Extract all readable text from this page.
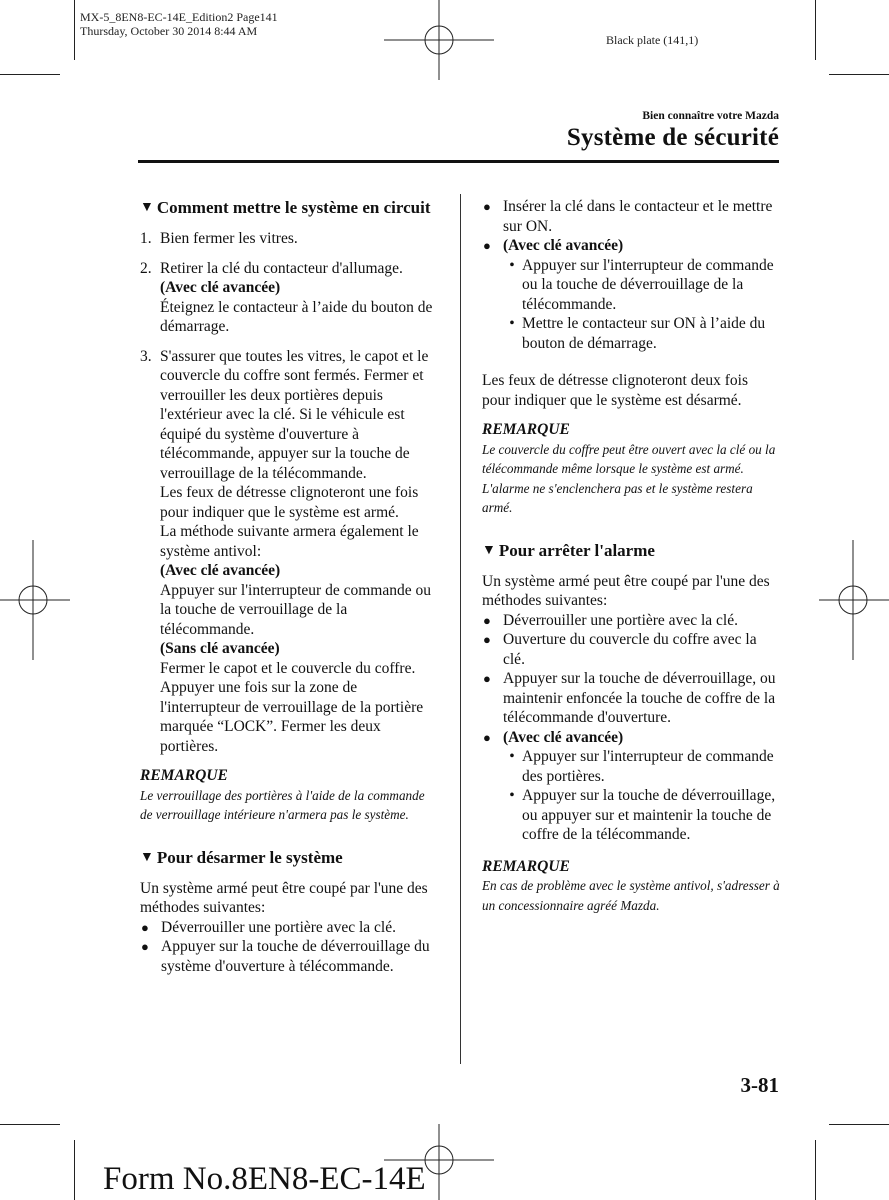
MX-5_8EN8-EC-14E_Edition2 Page141
Thursday, October 30 2014 8:44 AM
Black plate (141,1)
Bien connaître votre Mazda
Système de sécurité
▼ Comment mettre le système en circuit
1. Bien fermer les vitres.
2. Retirer la clé du contacteur d'allumage.
(Avec clé avancée)
Éteignez le contacteur à l’aide du bouton de démarrage.
3. S'assurer que toutes les vitres, le capot et le couvercle du coffre sont fermés. Fermer et verrouiller les deux portières depuis l'extérieur avec la clé. Si le véhicule est équipé du système d'ouverture à télécommande, appuyer sur la touche de verrouillage de la télécommande.
Les feux de détresse clignoteront une fois pour indiquer que le système est armé.
La méthode suivante armera également le système antivol:
(Avec clé avancée)
Appuyer sur l'interrupteur de commande ou la touche de verrouillage de la télécommande.
(Sans clé avancée)
Fermer le capot et le couvercle du coffre. Appuyer une fois sur la zone de l'interrupteur de verrouillage de la portière marquée “LOCK”. Fermer les deux portières.
REMARQUE
Le verrouillage des portières à l'aide de la commande de verrouillage intérieure n'armera pas le système.
▼ Pour désarmer le système
Un système armé peut être coupé par l'une des méthodes suivantes:
● Déverrouiller une portière avec la clé.
● Appuyer sur la touche de déverrouillage du système d'ouverture à télécommande.
● Insérer la clé dans le contacteur et le mettre sur ON.
● (Avec clé avancée)
• Appuyer sur l'interrupteur de commande ou la touche de déverrouillage de la télécommande.
• Mettre le contacteur sur ON à l’aide du bouton de démarrage.
Les feux de détresse clignoteront deux fois pour indiquer que le système est désarmé.
REMARQUE
Le couvercle du coffre peut être ouvert avec la clé ou la télécommande même lorsque le système est armé. L'alarme ne s'enclenchera pas et le système restera armé.
▼ Pour arrêter l'alarme
Un système armé peut être coupé par l'une des méthodes suivantes:
● Déverrouiller une portière avec la clé.
● Ouverture du couvercle du coffre avec la clé.
● Appuyer sur la touche de déverrouillage, ou maintenir enfoncée la touche de coffre de la télécommande d'ouverture.
● (Avec clé avancée)
• Appuyer sur l'interrupteur de commande des portières.
• Appuyer sur la touche de déverrouillage, ou appuyer sur et maintenir la touche de coffre de la télécommande.
REMARQUE
En cas de problème avec le système antivol, s'adresser à un concessionnaire agréé Mazda.
3-81
Form No.8EN8-EC-14E
